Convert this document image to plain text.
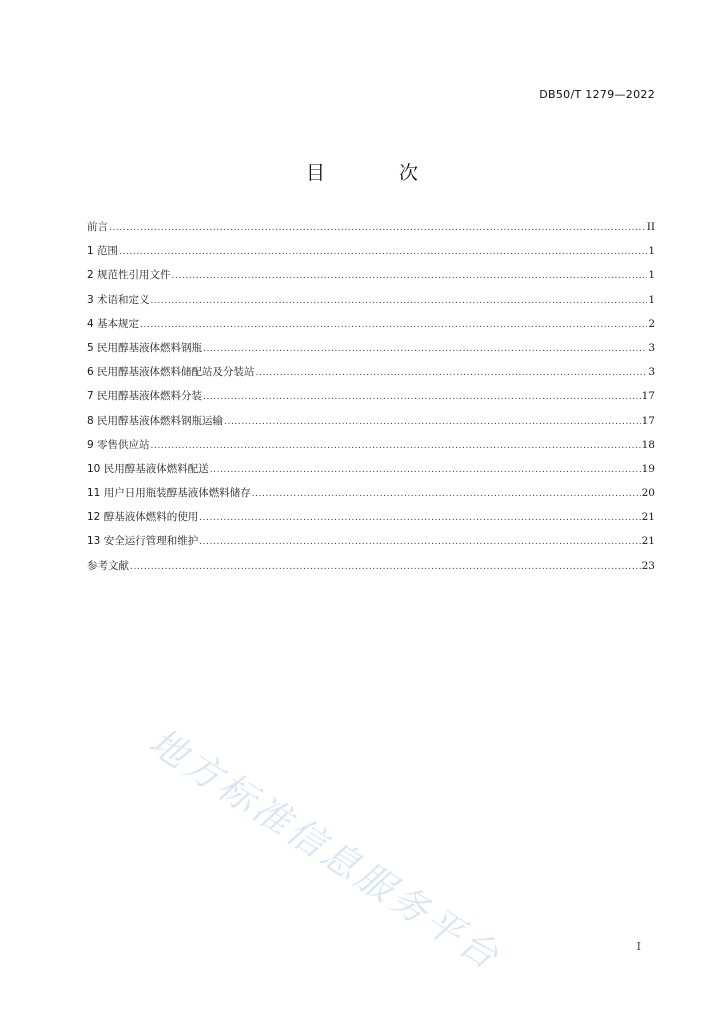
DB50/T 1279—2022
目 次
前言 .....	II
1 范围 .....	1
2 规范性引用文件 .....	1
3 术语和定义 .....	1
4 基本规定 .....	2
5 民用醇基液体燃料钢瓶 .....	3
6 民用醇基液体燃料储配站及分装站 .....	3
7 民用醇基液体燃料分装 .....	17
8 民用醇基液体燃料钢瓶运输 .....	17
9 零售供应站 .....	18
10 民用醇基液体燃料配送 .....	19
11 用户日用瓶装醇基液体燃料储存 .....	20
12 醇基液体燃料的使用 .....	21
13 安全运行管理和维护 .....	21
参考文献 .....	23
地方标准信息服务平台	I
